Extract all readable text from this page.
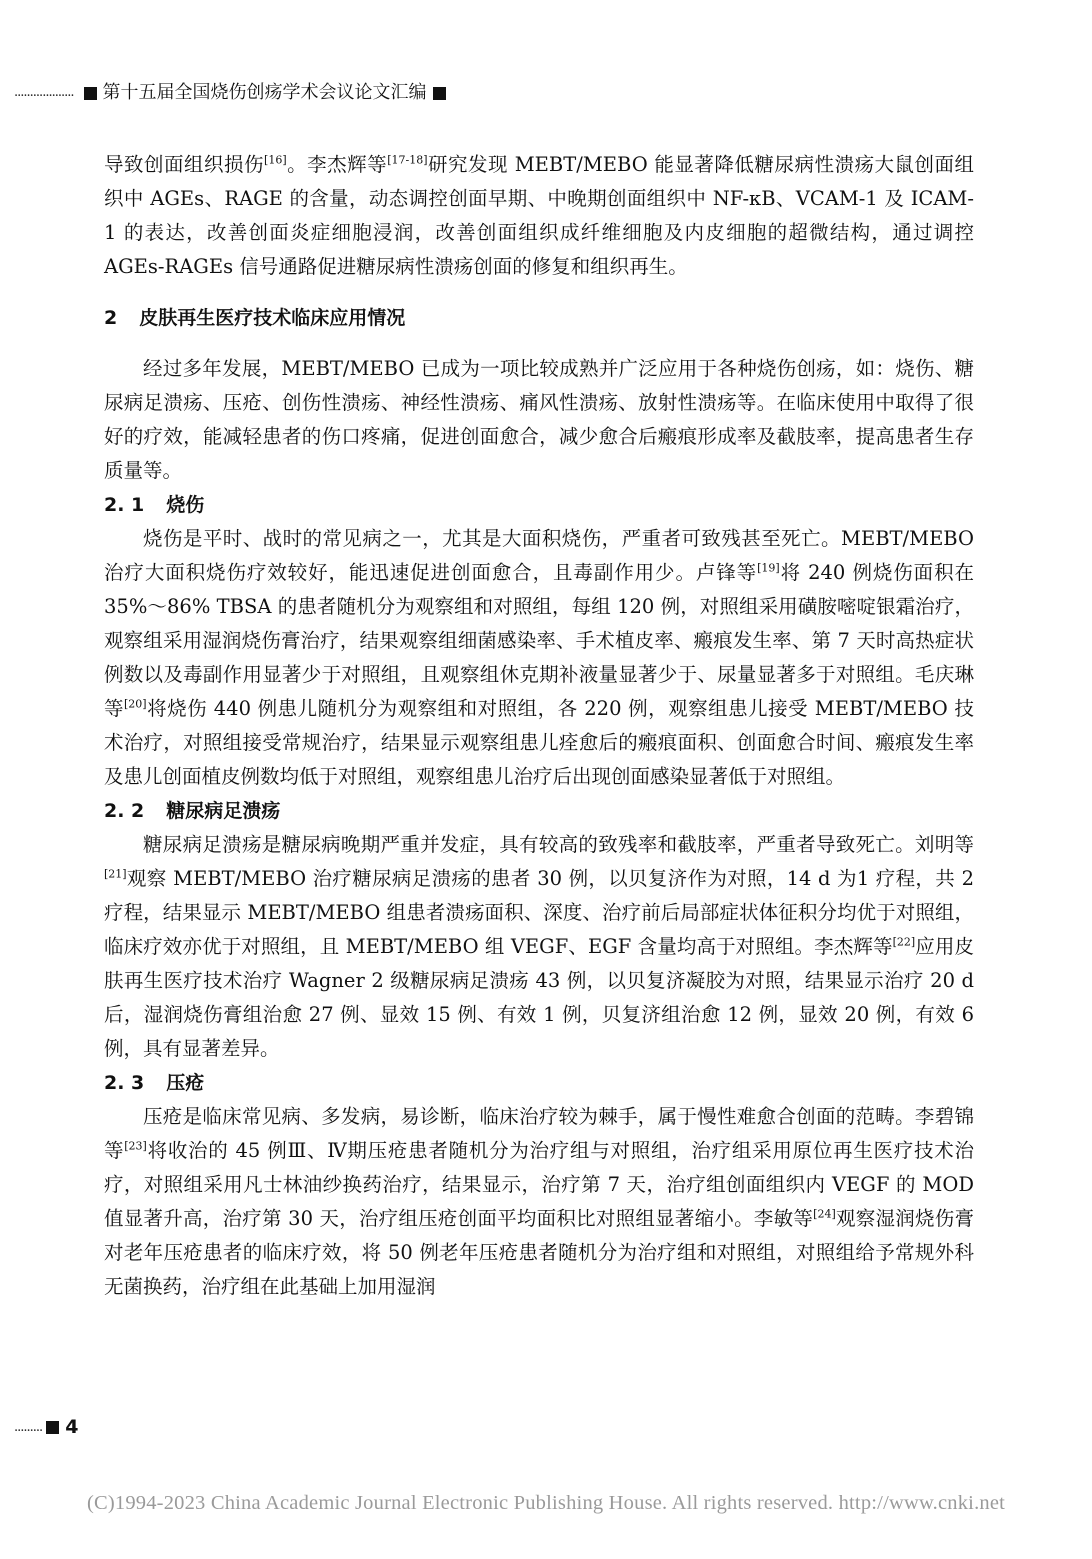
................... 第十五届全国烧伤创疡学术会议论文汇编

导致创面组织损伤[16]。李杰辉等[17-18]研究发现 MEBT/MEBO 能显著降低糖尿病性溃疡大鼠创面组织中 AGEs、RAGE 的含量，动态调控创面早期、中晚期创面组织中 NF-κB、VCAM-1 及 ICAM-1 的表达，改善创面炎症细胞浸润，改善创面组织成纤维细胞及内皮细胞的超微结构，通过调控 AGEs-RAGEs 信号通路促进糖尿病性溃疡创面的修复和组织再生。

2 皮肤再生医疗技术临床应用情况

经过多年发展，MEBT/MEBO 已成为一项比较成熟并广泛应用于各种烧伤创疡，如：烧伤、糖尿病足溃疡、压疮、创伤性溃疡、神经性溃疡、痛风性溃疡、放射性溃疡等。在临床使用中取得了很好的疗效，能减轻患者的伤口疼痛，促进创面愈合，减少愈合后瘢痕形成率及截肢率，提高患者生存质量等。

2. 1 烧伤

烧伤是平时、战时的常见病之一，尤其是大面积烧伤，严重者可致残甚至死亡。MEBT/MEBO 治疗大面积烧伤疗效较好，能迅速促进创面愈合，且毒副作用少。卢锋等[19]将 240 例烧伤面积在 35%～86% TBSA 的患者随机分为观察组和对照组，每组 120 例，对照组采用磺胺嘧啶银霜治疗，观察组采用湿润烧伤膏治疗，结果观察组细菌感染率、手术植皮率、瘢痕发生率、第 7 天时高热症状例数以及毒副作用显著少于对照组，且观察组休克期补液量显著少于、尿量显著多于对照组。毛庆琳等[20]将烧伤 440 例患儿随机分为观察组和对照组，各 220 例，观察组患儿接受 MEBT/MEBO 技术治疗，对照组接受常规治疗，结果显示观察组患儿痊愈后的瘢痕面积、创面愈合时间、瘢痕发生率及患儿创面植皮例数均低于对照组，观察组患儿治疗后出现创面感染显著低于对照组。

2. 2 糖尿病足溃疡

糖尿病足溃疡是糖尿病晚期严重并发症，具有较高的致残率和截肢率，严重者导致死亡。刘明等[21]观察 MEBT/MEBO 治疗糖尿病足溃疡的患者 30 例，以贝复济作为对照，14 d 为1 疗程，共 2 疗程，结果显示 MEBT/MEBO 组患者溃疡面积、深度、治疗前后局部症状体征积分均优于对照组，临床疗效亦优于对照组，且 MEBT/MEBO 组 VEGF、EGF 含量均高于对照组。李杰辉等[22]应用皮肤再生医疗技术治疗 Wagner 2 级糖尿病足溃疡 43 例，以贝复济凝胶为对照，结果显示治疗 20 d 后，湿润烧伤膏组治愈 27 例、显效 15 例、有效 1 例，贝复济组治愈 12 例，显效 20 例，有效 6 例，具有显著差异。

2. 3 压疮

压疮是临床常见病、多发病，易诊断，临床治疗较为棘手，属于慢性难愈合创面的范畴。李碧锦等[23]将收治的 45 例Ⅲ、Ⅳ期压疮患者随机分为治疗组与对照组，治疗组采用原位再生医疗技术治疗，对照组采用凡士林油纱换药治疗，结果显示，治疗第 7 天，治疗组创面组织内 VEGF 的 MOD 值显著升高，治疗第 30 天，治疗组压疮创面平均面积比对照组显著缩小。李敏等[24]观察湿润烧伤膏对老年压疮患者的临床疗效，将 50 例老年压疮患者随机分为治疗组和对照组，对照组给予常规外科无菌换药，治疗组在此基础上加用湿润

......... 4
(C)1994-2023 China Academic Journal Electronic Publishing House. All rights reserved. http://www.cnki.net
